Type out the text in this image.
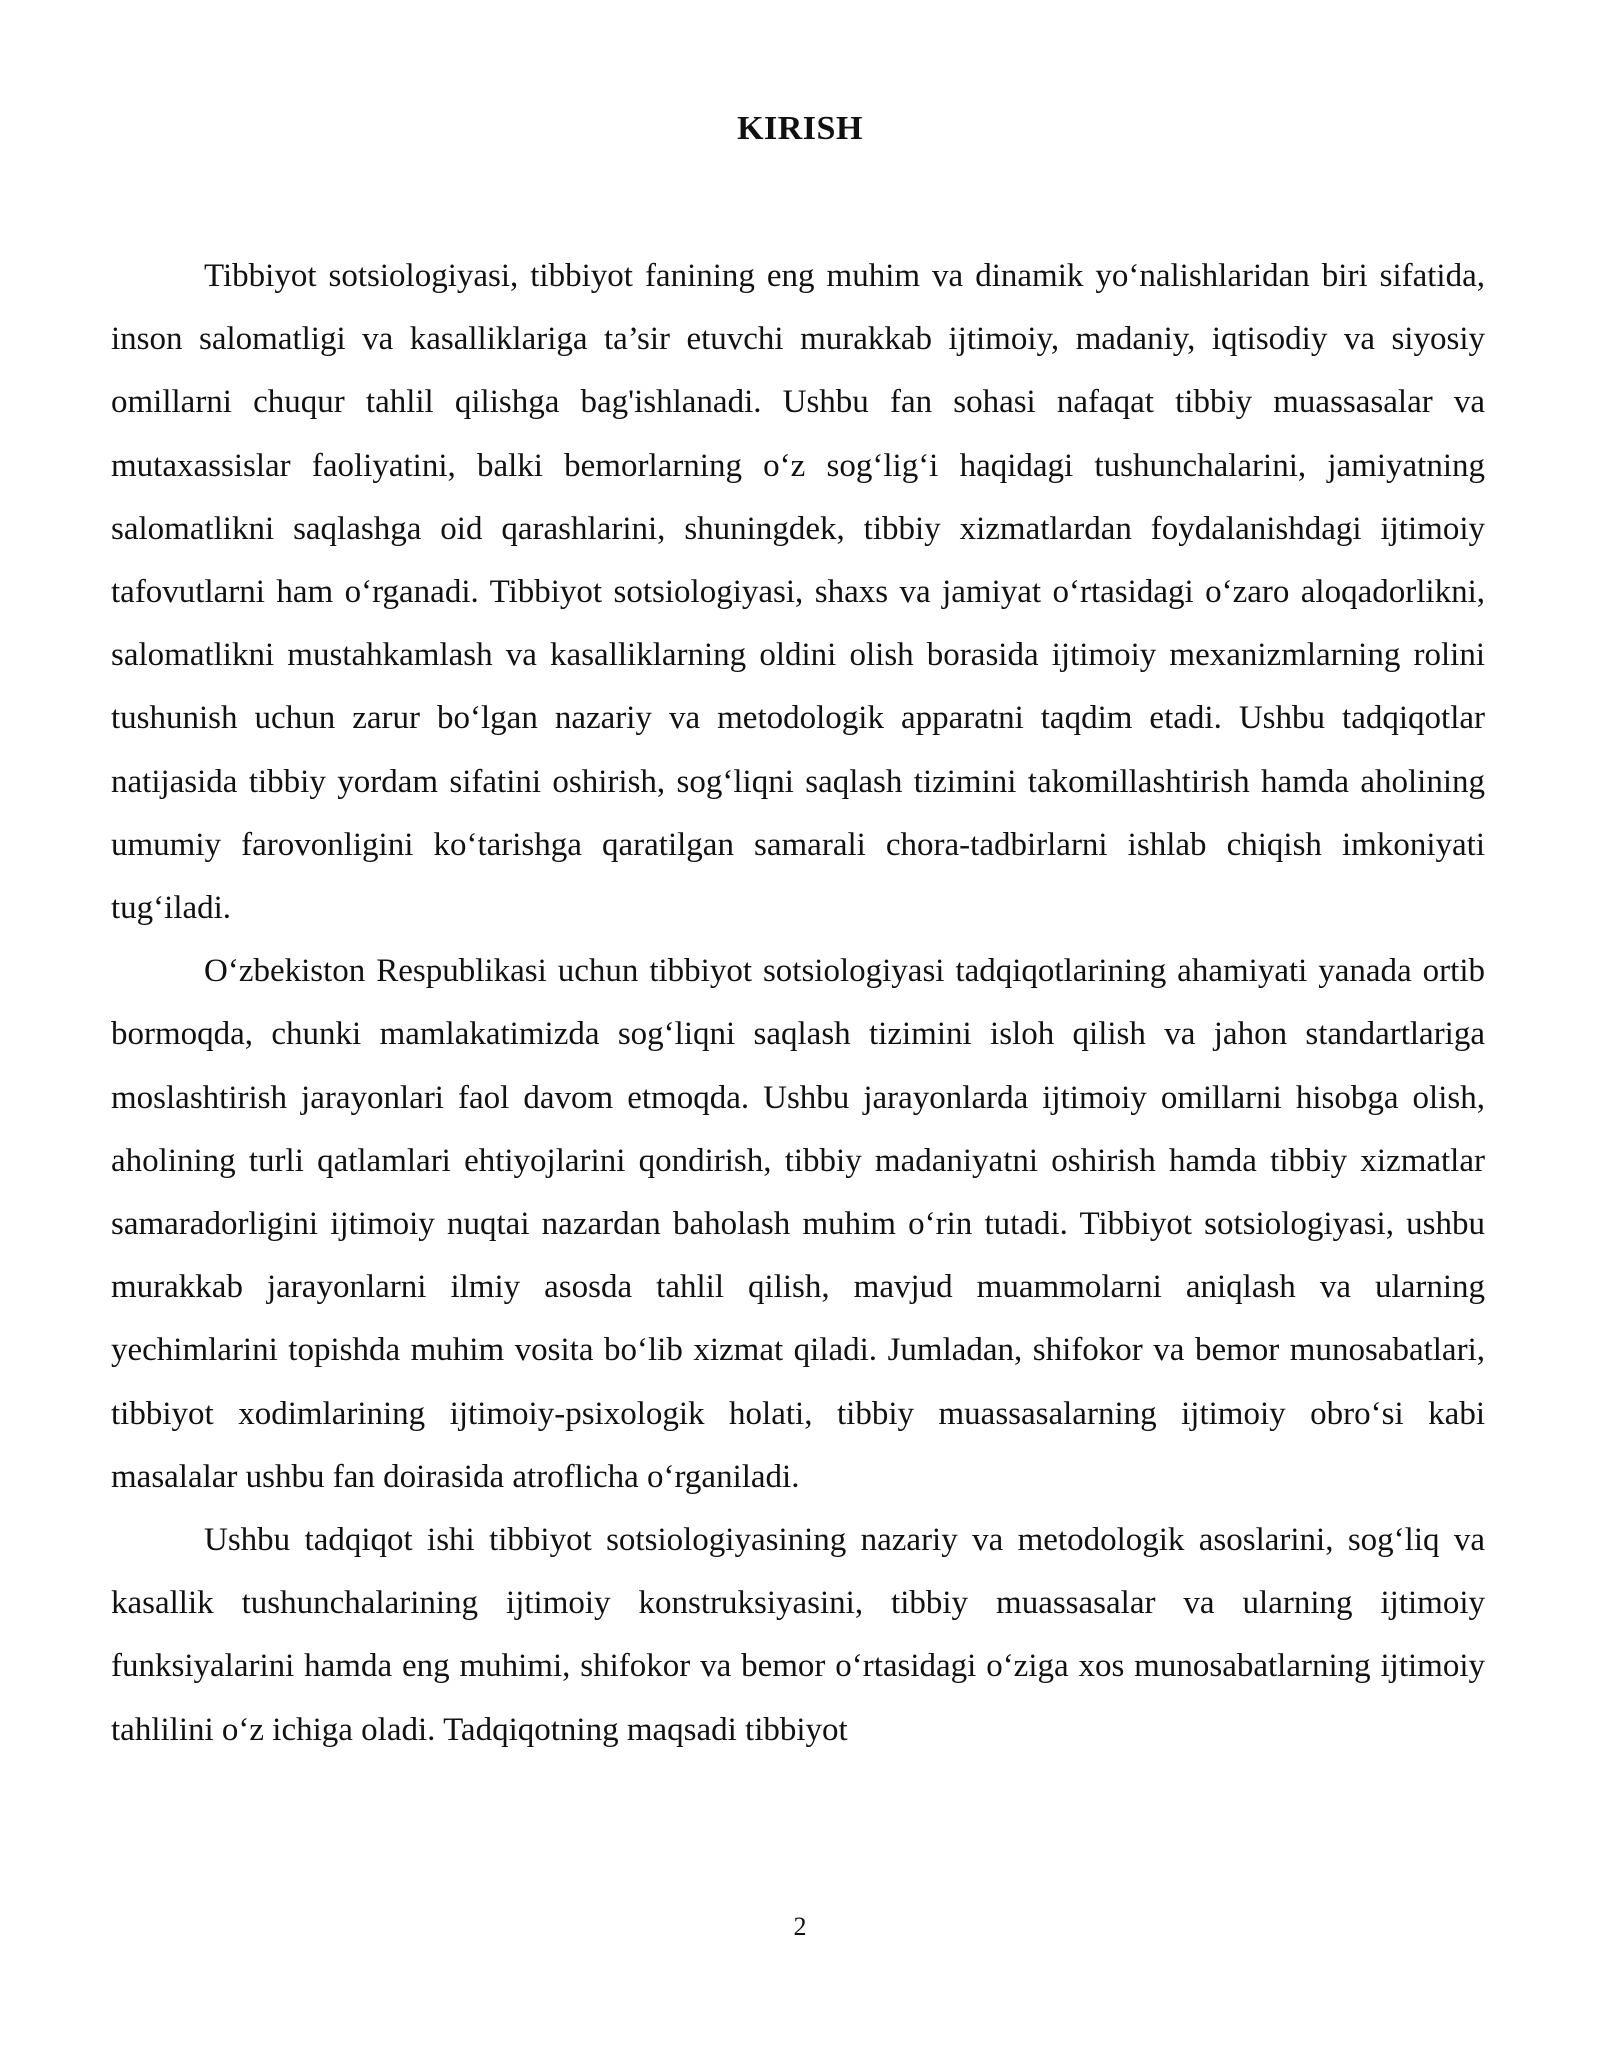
KIRISH

Tibbiyot sotsiologiyasi, tibbiyot fanining eng muhim va dinamik yo‘nalishlaridan biri sifatida, inson salomatligi va kasalliklariga ta’sir etuvchi murakkab ijtimoiy, madaniy, iqtisodiy va siyosiy omillarni chuqur tahlil qilishga bag'ishlanadi. Ushbu fan sohasi nafaqat tibbiy muassasalar va mutaxassislar faoliyatini, balki bemorlarning o‘z sog‘lig‘i haqidagi tushunchalarini, jamiyatning salomatlikni saqlashga oid qarashlarini, shuningdek, tibbiy xizmatlardan foydalanishdagi ijtimoiy tafovutlarni ham o‘rganadi. Tibbiyot sotsiologiyasi, shaxs va jamiyat o‘rtasidagi o‘zaro aloqadorlikni, salomatlikni mustahkamlash va kasalliklarning oldini olish borasida ijtimoiy mexanizmlarning rolini tushunish uchun zarur bo‘lgan nazariy va metodologik apparatni taqdim etadi. Ushbu tadqiqotlar natijasida tibbiy yordam sifatini oshirish, sog‘liqni saqlash tizimini takomillashtirish hamda aholining umumiy farovonligini ko‘tarishga qaratilgan samarali chora-tadbirlarni ishlab chiqish imkoniyati tug‘iladi.

O‘zbekiston Respublikasi uchun tibbiyot sotsiologiyasi tadqiqotlarining ahamiyati yanada ortib bormoqda, chunki mamlakatimizda sog‘liqni saqlash tizimini isloh qilish va jahon standartlariga moslashtirish jarayonlari faol davom etmoqda. Ushbu jarayonlarda ijtimoiy omillarni hisobga olish, aholining turli qatlamlari ehtiyojlarini qondirish, tibbiy madaniyatni oshirish hamda tibbiy xizmatlar samaradorligini ijtimoiy nuqtai nazardan baholash muhim o‘rin tutadi. Tibbiyot sotsiologiyasi, ushbu murakkab jarayonlarni ilmiy asosda tahlil qilish, mavjud muammolarni aniqlash va ularning yechimlarini topishda muhim vosita bo‘lib xizmat qiladi. Jumladan, shifokor va bemor munosabatlari, tibbiyot xodimlarining ijtimoiy-psixologik holati, tibbiy muassasalarning ijtimoiy obro‘si kabi masalalar ushbu fan doirasida atroflicha o‘rganiladi.

Ushbu tadqiqot ishi tibbiyot sotsiologiyasining nazariy va metodologik asoslarini, sog‘liq va kasallik tushunchalarining ijtimoiy konstruksiyasini, tibbiy muassasalar va ularning ijtimoiy funksiyalarini hamda eng muhimi, shifokor va bemor o‘rtasidagi o‘ziga xos munosabatlarning ijtimoiy tahlilini o‘z ichiga oladi. Tadqiqotning maqsadi tibbiyot

2
